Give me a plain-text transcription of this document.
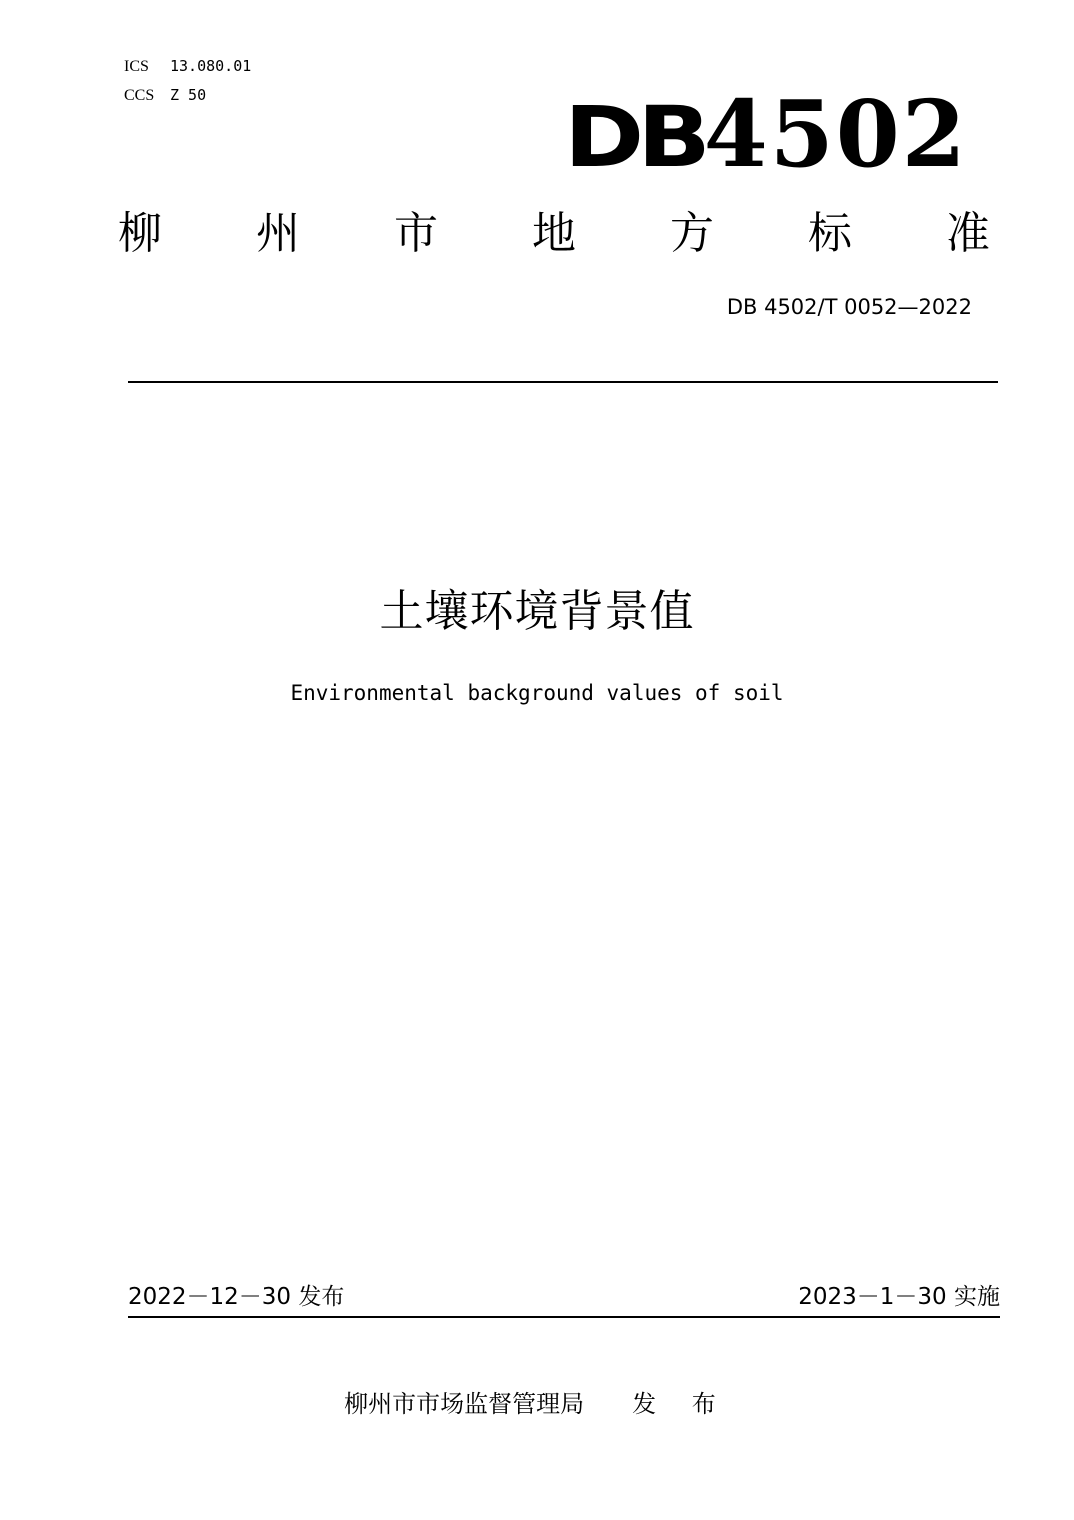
ICS 13.080.01
CCS Z 50	DB4502
柳 州 市 地 方 标 准
DB 4502/T 0052—2022
土壤环境背景值
Environmental background values of soil
2022－12－30 发布	2023－1－30 实施
柳州市市场监督管理局 发 布
